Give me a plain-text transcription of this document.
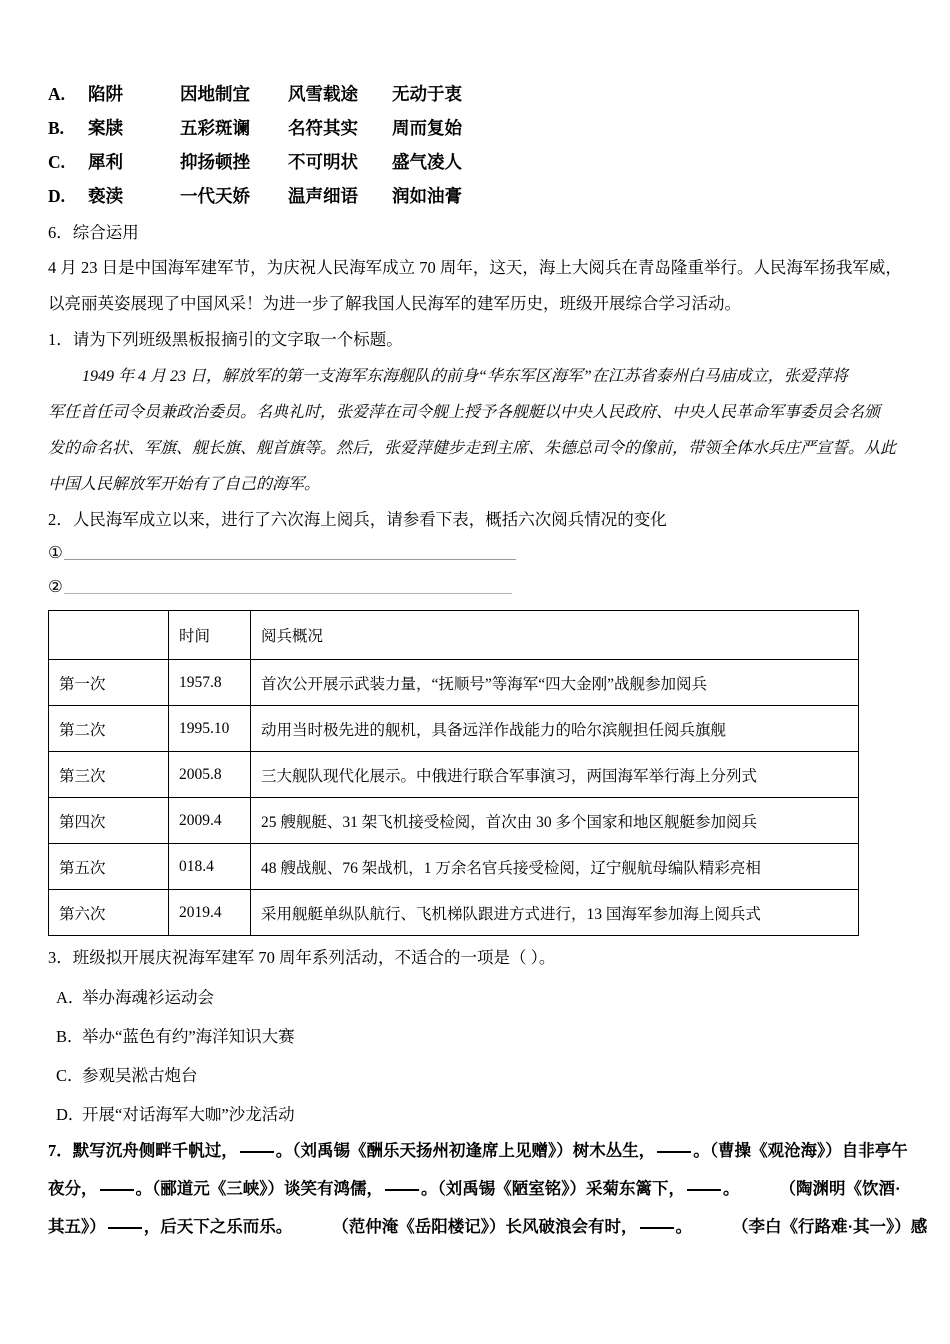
A.	陷阱	因地制宜	风雪载途	无动于衷
B.	案牍	五彩斑谰	名符其实	周而复始
C.	犀利	抑扬顿挫	不可明状	盛气凌人
D.	亵渎	一代天娇	温声细语	润如油膏
6．综合运用
4 月 23 日是中国海军建军节，为庆祝人民海军成立 70 周年，这天，海上大阅兵在青岛隆重举行。人民海军扬我军威，
以亮丽英姿展现了中国风采！为进一步了解我国人民海军的建军历史，班级开展综合学习活动。
1．请为下列班级黑板报摘引的文字取一个标题。
1949 年 4 月 23 日，解放军的第一支海军东海舰队的前身“华东军区海军”在江苏省泰州白马庙成立，张爱萍将
军任首任司令员兼政治委员。名典礼时，张爱萍在司令舰上授予各舰艇以中央人民政府、中央人民革命军事委员会名颁
发的命名状、军旗、舰长旗、舰首旗等。然后，张爱萍健步走到主席、朱德总司令的像前，带领全体水兵庄严宣誓。从此
中国人民解放军开始有了自己的海军。
2．人民海军成立以来，进行了六次海上阅兵，请参看下表，概括六次阅兵情况的变化
①
②
	时间	阅兵概况
第一次	1957.8	首次公开展示武装力量，“抚顺号”等海军“四大金刚”战舰参加阅兵
第二次	1995.10	动用当时极先进的舰机，具备远洋作战能力的哈尔滨舰担任阅兵旗舰
第三次	2005.8	三大舰队现代化展示。中俄进行联合军事演习，两国海军举行海上分列式
第四次	2009.4	25 艘舰艇、31 架飞机接受检阅，首次由 30 多个国家和地区舰艇参加阅兵
第五次	018.4	48 艘战舰、76 架战机，1 万余名官兵接受检阅，辽宁舰航母编队精彩亮相
第六次	2019.4	采用舰艇单纵队航行、飞机梯队跟进方式进行，13 国海军参加海上阅兵式
3．班级拟开展庆祝海军建军 70 周年系列活动，不适合的一项是（ ）。
A．
举办海魂衫运动会
B．
举办“蓝色有约”海洋知识大赛
C．
参观吴淞古炮台
D．
开展“对话海军大咖”沙龙活动
7．默写沉舟侧畔千帆过， 。（刘禹锡《酬乐天扬州初逢席上见赠》）树木丛生， 。（曹操《观沧海》）自非亭午
夜分， 。（郦道元《三峡》）谈笑有鸿儒， 。（刘禹锡《陋室铭》）采菊东篱下， 。 （陶渊明《饮酒·
其五》） ，后天下之乐而乐。 （范仲淹《岳阳楼记》）长风破浪会有时， 。 （李白《行路难·其一》）感
